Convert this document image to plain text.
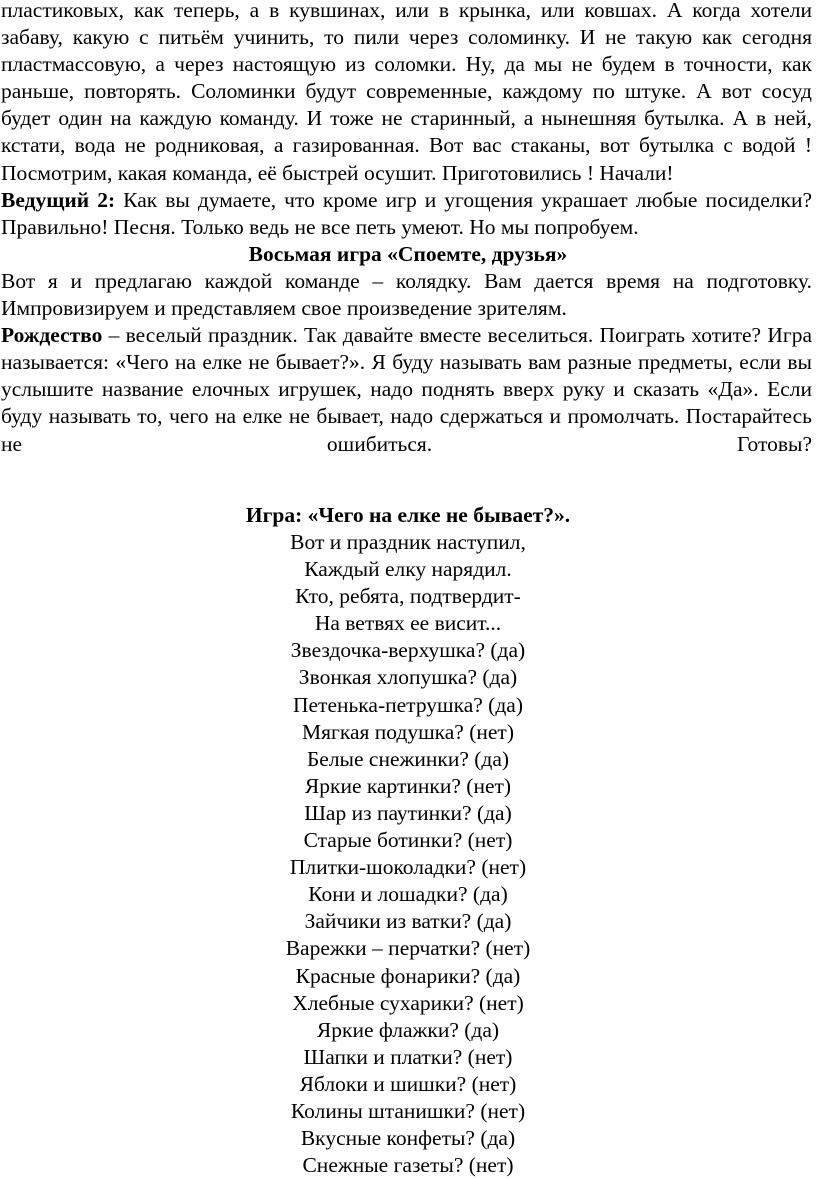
пластиковых, как теперь, а в кувшинах, или в крынка, или ковшах. А когда хотели забаву, какую с питьём учинить, то пили через соломинку. И не такую как сегодня пластмассовую, а через настоящую из соломки. Ну, да мы не будем в точности, как раньше, повторять. Соломинки будут современные, каждому по штуке. А вот сосуд будет один на каждую команду. И тоже не старинный, а нынешняя бутылка. А в ней, кстати, вода не родниковая, а газированная. Вот вас стаканы, вот бутылка с водой ! Посмотрим, какая команда, её быстрей осушит. Приготовились ! Начали!

Ведущий 2: Как вы думаете, что кроме игр и угощения украшает любые посиделки? Правильно! Песня. Только ведь не все петь умеют. Но мы попробуем.

Восьмая игра «Споемте, друзья»

Вот я и предлагаю каждой команде – колядку. Вам дается время на подготовку. Импровизируем и представляем свое произведение зрителям.

Рождество – веселый праздник. Так давайте вместе веселиться. Поиграть хотите? Игра называется: «Чего на елке не бывает?». Я буду называть вам разные предметы, если вы услышите название елочных игрушек, надо поднять вверх руку и сказать «Да». Если буду называть то, чего на елке не бывает, надо сдержаться и промолчать. Постарайтесь не ошибиться. Готовы?

Игра: «Чего на елке не бывает?».
Вот и праздник наступил,
Каждый елку нарядил.
Кто, ребята, подтвердит-
На ветвях ее висит...
Звездочка-верхушка? (да)
Звонкая хлопушка? (да)
Петенька-петрушка? (да)
Мягкая подушка? (нет)
Белые снежинки? (да)
Яркие картинки? (нет)
Шар из паутинки? (да)
Старые ботинки? (нет)
Плитки-шоколадки? (нет)
Кони и лошадки? (да)
Зайчики из ватки? (да)
Варежки – перчатки? (нет)
Красные фонарики? (да)
Хлебные сухарики? (нет)
Яркие флажки? (да)
Шапки и платки? (нет)
Яблоки и шишки? (нет)
Колины штанишки? (нет)
Вкусные конфеты? (да)
Снежные газеты? (нет)
